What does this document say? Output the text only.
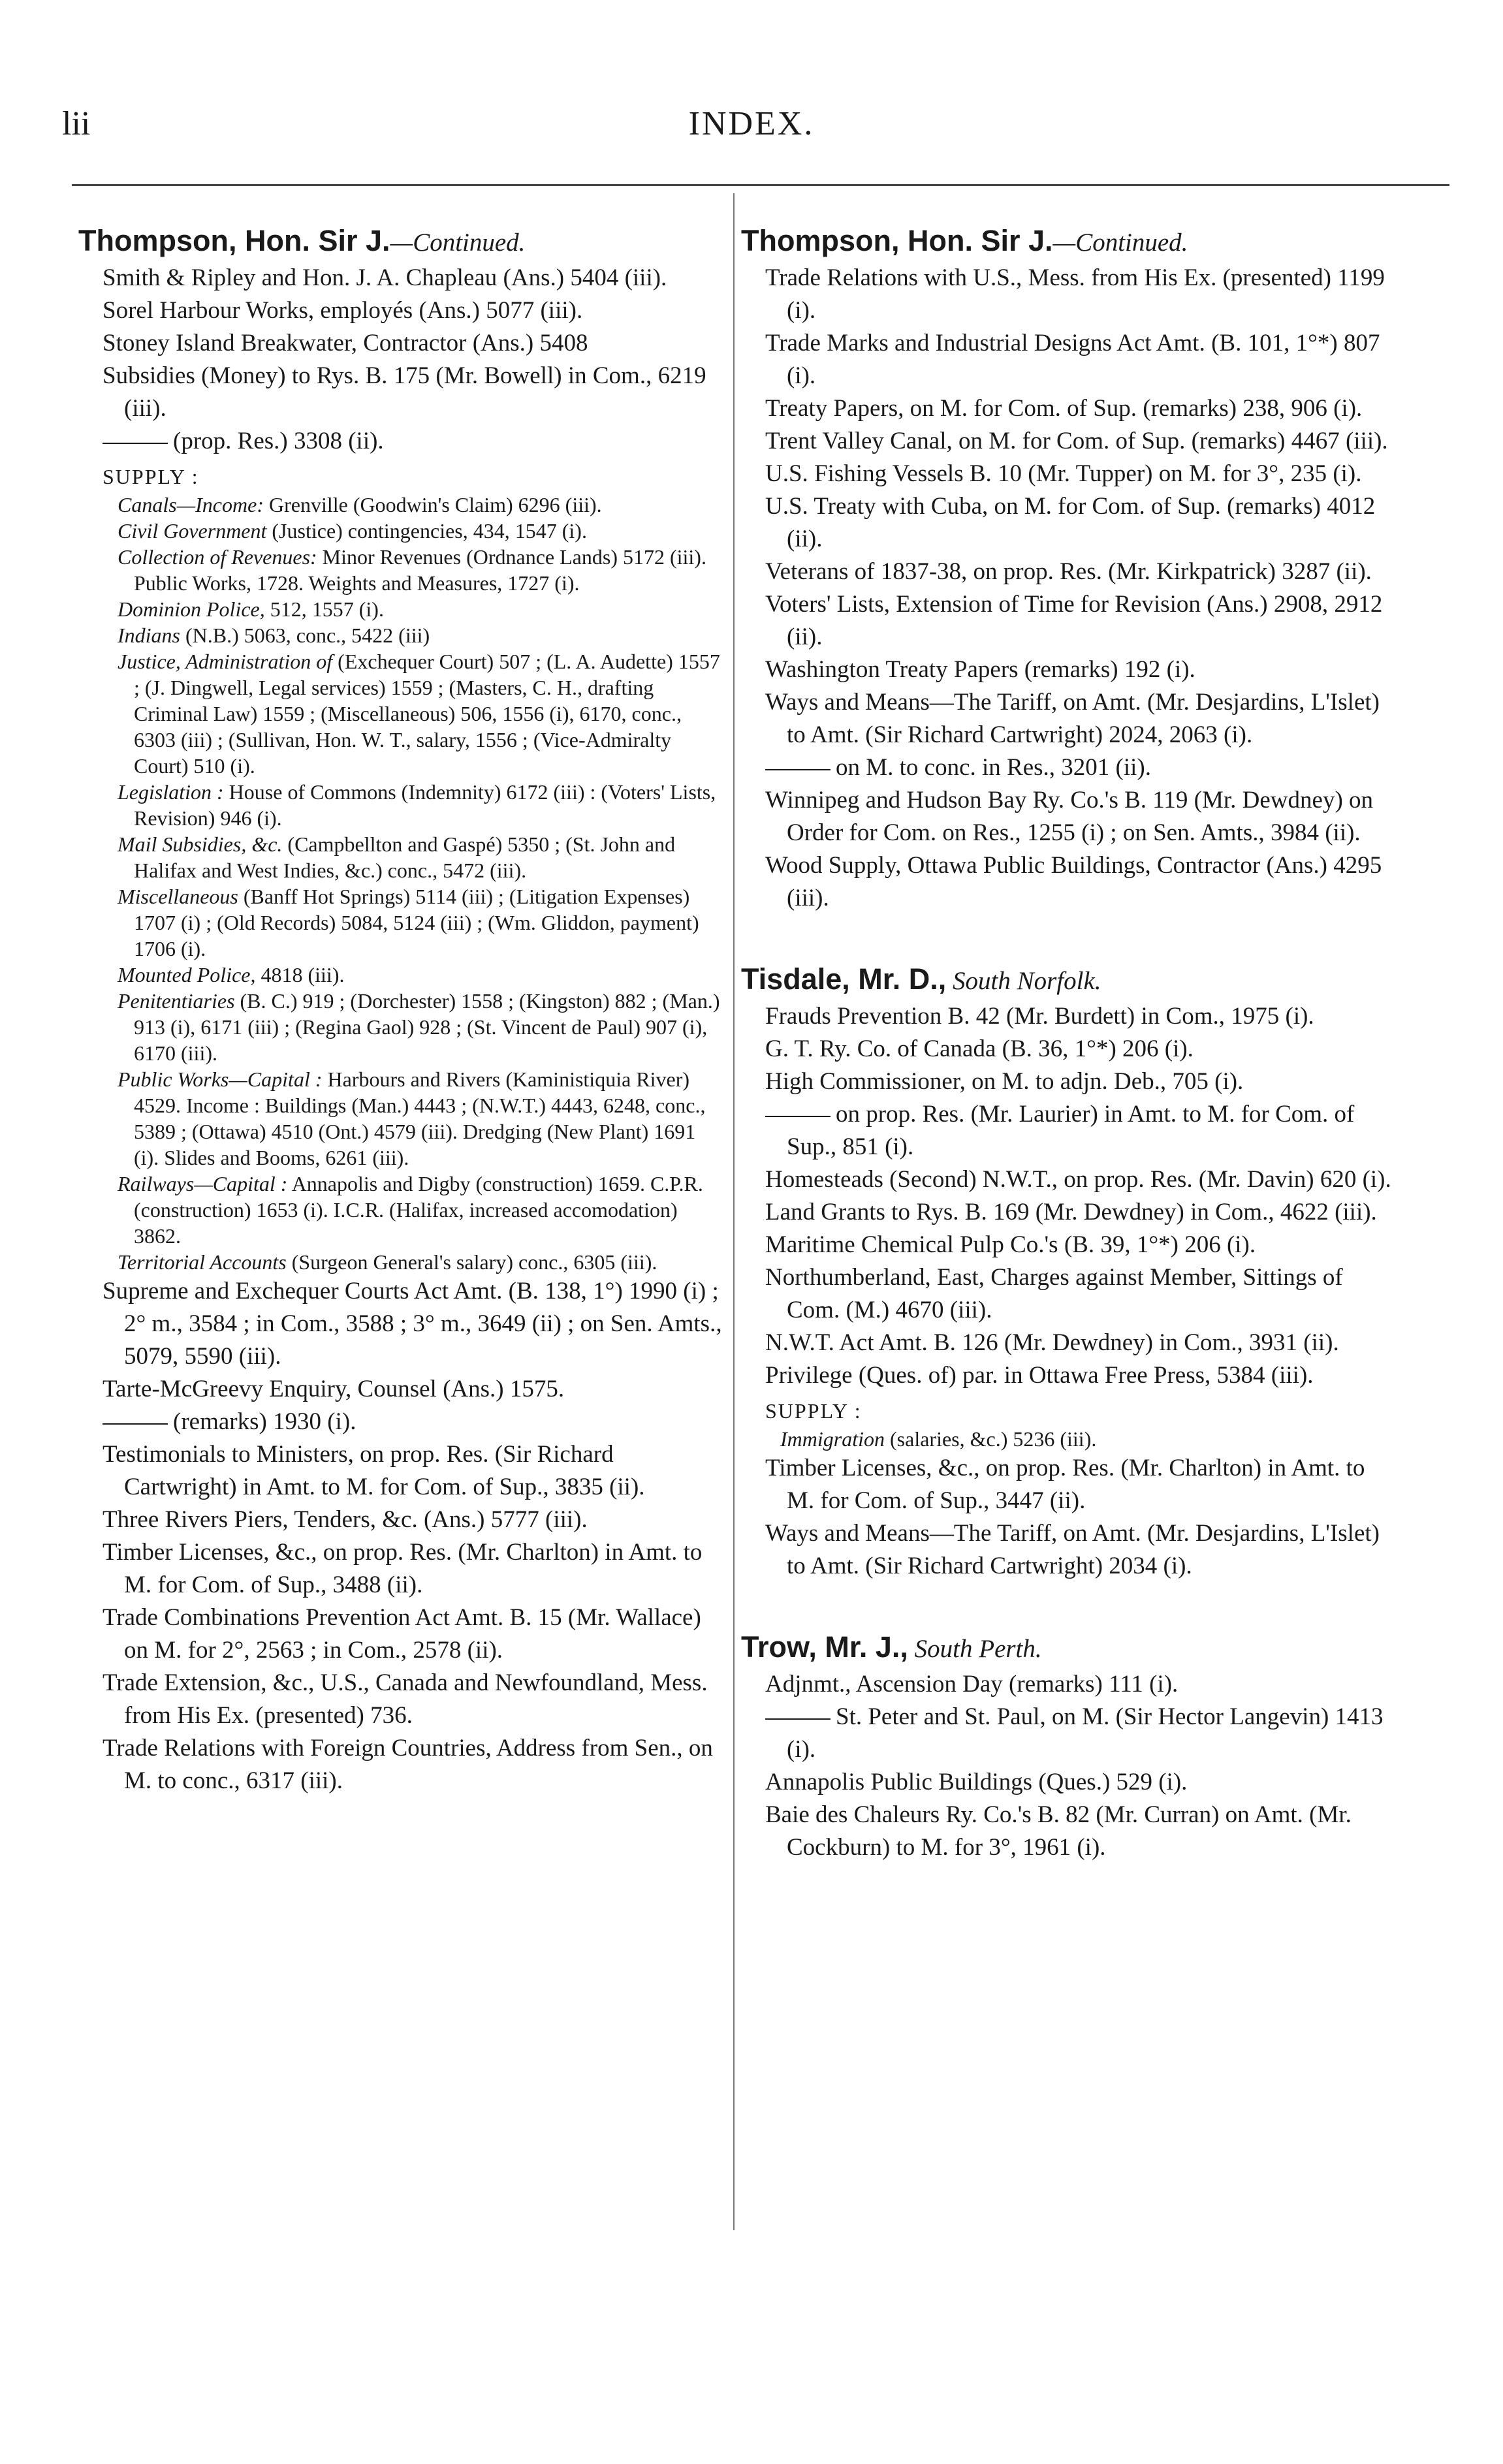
lii	INDEX.

Thompson, Hon. Sir J.—Continued.

Smith & Ripley and Hon. J. A. Chapleau (Ans.) 5404 (iii).

Sorel Harbour Works, employés (Ans.) 5077 (iii).

Stoney Island Breakwater, Contractor (Ans.) 5408

Subsidies (Money) to Rys. B. 175 (Mr. Bowell) in Com., 6219 (iii).

(prop. Res.) 3308 (ii).

SUPPLY :

Canals—Income: Grenville (Goodwin's Claim) 6296 (iii).

Civil Government (Justice) contingencies, 434, 1547 (i).

Collection of Revenues: Minor Revenues (Ordnance Lands) 5172 (iii). Public Works, 1728. Weights and Measures, 1727 (i).

Dominion Police, 512, 1557 (i).

Indians (N.B.) 5063, conc., 5422 (iii)

Justice, Administration of (Exchequer Court) 507 ; (L. A. Audette) 1557 ; (J. Dingwell, Legal services) 1559 ; (Masters, C. H., drafting Criminal Law) 1559 ; (Miscellaneous) 506, 1556 (i), 6170, conc., 6303 (iii) ; (Sullivan, Hon. W. T., salary, 1556 ; (Vice-Admiralty Court) 510 (i).

Legislation : House of Commons (Indemnity) 6172 (iii) : (Voters' Lists, Revision) 946 (i).

Mail Subsidies, &c. (Campbellton and Gaspé) 5350 ; (St. John and Halifax and West Indies, &c.) conc., 5472 (iii).

Miscellaneous (Banff Hot Springs) 5114 (iii) ; (Litigation Expenses) 1707 (i) ; (Old Records) 5084, 5124 (iii) ; (Wm. Gliddon, payment) 1706 (i).

Mounted Police, 4818 (iii).

Penitentiaries (B. C.) 919 ; (Dorchester) 1558 ; (Kingston) 882 ; (Man.) 913 (i), 6171 (iii) ; (Regina Gaol) 928 ; (St. Vincent de Paul) 907 (i), 6170 (iii).

Public Works—Capital : Harbours and Rivers (Kaministiquia River) 4529. Income : Buildings (Man.) 4443 ; (N.W.T.) 4443, 6248, conc., 5389 ; (Ottawa) 4510 (Ont.) 4579 (iii). Dredging (New Plant) 1691 (i). Slides and Booms, 6261 (iii).

Railways—Capital : Annapolis and Digby (construction) 1659. C.P.R. (construction) 1653 (i). I.C.R. (Halifax, increased accomodation) 3862.

Territorial Accounts (Surgeon General's salary) conc., 6305 (iii).

Supreme and Exchequer Courts Act Amt. (B. 138, 1°) 1990 (i) ; 2° m., 3584 ; in Com., 3588 ; 3° m., 3649 (ii) ; on Sen. Amts., 5079, 5590 (iii).

Tarte-McGreevy Enquiry, Counsel (Ans.) 1575.

(remarks) 1930 (i).

Testimonials to Ministers, on prop. Res. (Sir Richard Cartwright) in Amt. to M. for Com. of Sup., 3835 (ii).

Three Rivers Piers, Tenders, &c. (Ans.) 5777 (iii).

Timber Licenses, &c., on prop. Res. (Mr. Charlton) in Amt. to M. for Com. of Sup., 3488 (ii).

Trade Combinations Prevention Act Amt. B. 15 (Mr. Wallace) on M. for 2°, 2563 ; in Com., 2578 (ii).

Trade Extension, &c., U.S., Canada and Newfoundland, Mess. from His Ex. (presented) 736.

Trade Relations with Foreign Countries, Address from Sen., on M. to conc., 6317 (iii).

Thompson, Hon. Sir J.—Continued.

Trade Relations with U.S., Mess. from His Ex. (presented) 1199 (i).

Trade Marks and Industrial Designs Act Amt. (B. 101, 1°*) 807 (i).

Treaty Papers, on M. for Com. of Sup. (remarks) 238, 906 (i).

Trent Valley Canal, on M. for Com. of Sup. (remarks) 4467 (iii).

U.S. Fishing Vessels B. 10 (Mr. Tupper) on M. for 3°, 235 (i).

U.S. Treaty with Cuba, on M. for Com. of Sup. (remarks) 4012 (ii).

Veterans of 1837-38, on prop. Res. (Mr. Kirkpatrick) 3287 (ii).

Voters' Lists, Extension of Time for Revision (Ans.) 2908, 2912 (ii).

Washington Treaty Papers (remarks) 192 (i).

Ways and Means—The Tariff, on Amt. (Mr. Desjardins, L'Islet) to Amt. (Sir Richard Cartwright) 2024, 2063 (i).

on M. to conc. in Res., 3201 (ii).

Winnipeg and Hudson Bay Ry. Co.'s B. 119 (Mr. Dewdney) on Order for Com. on Res., 1255 (i) ; on Sen. Amts., 3984 (ii).

Wood Supply, Ottawa Public Buildings, Contractor (Ans.) 4295 (iii).

Tisdale, Mr. D., South Norfolk.

Frauds Prevention B. 42 (Mr. Burdett) in Com., 1975 (i).

G. T. Ry. Co. of Canada (B. 36, 1°*) 206 (i).

High Commissioner, on M. to adjn. Deb., 705 (i).

on prop. Res. (Mr. Laurier) in Amt. to M. for Com. of Sup., 851 (i).

Homesteads (Second) N.W.T., on prop. Res. (Mr. Davin) 620 (i).

Land Grants to Rys. B. 169 (Mr. Dewdney) in Com., 4622 (iii).

Maritime Chemical Pulp Co.'s (B. 39, 1°*) 206 (i).

Northumberland, East, Charges against Member, Sittings of Com. (M.) 4670 (iii).

N.W.T. Act Amt. B. 126 (Mr. Dewdney) in Com., 3931 (ii).

Privilege (Ques. of) par. in Ottawa Free Press, 5384 (iii).

SUPPLY :

Immigration (salaries, &c.) 5236 (iii).

Timber Licenses, &c., on prop. Res. (Mr. Charlton) in Amt. to M. for Com. of Sup., 3447 (ii).

Ways and Means—The Tariff, on Amt. (Mr. Desjardins, L'Islet) to Amt. (Sir Richard Cartwright) 2034 (i).

Trow, Mr. J., South Perth.

Adjnmt., Ascension Day (remarks) 111 (i).

St. Peter and St. Paul, on M. (Sir Hector Langevin) 1413 (i).

Annapolis Public Buildings (Ques.) 529 (i).

Baie des Chaleurs Ry. Co.'s B. 82 (Mr. Curran) on Amt. (Mr. Cockburn) to M. for 3°, 1961 (i).
